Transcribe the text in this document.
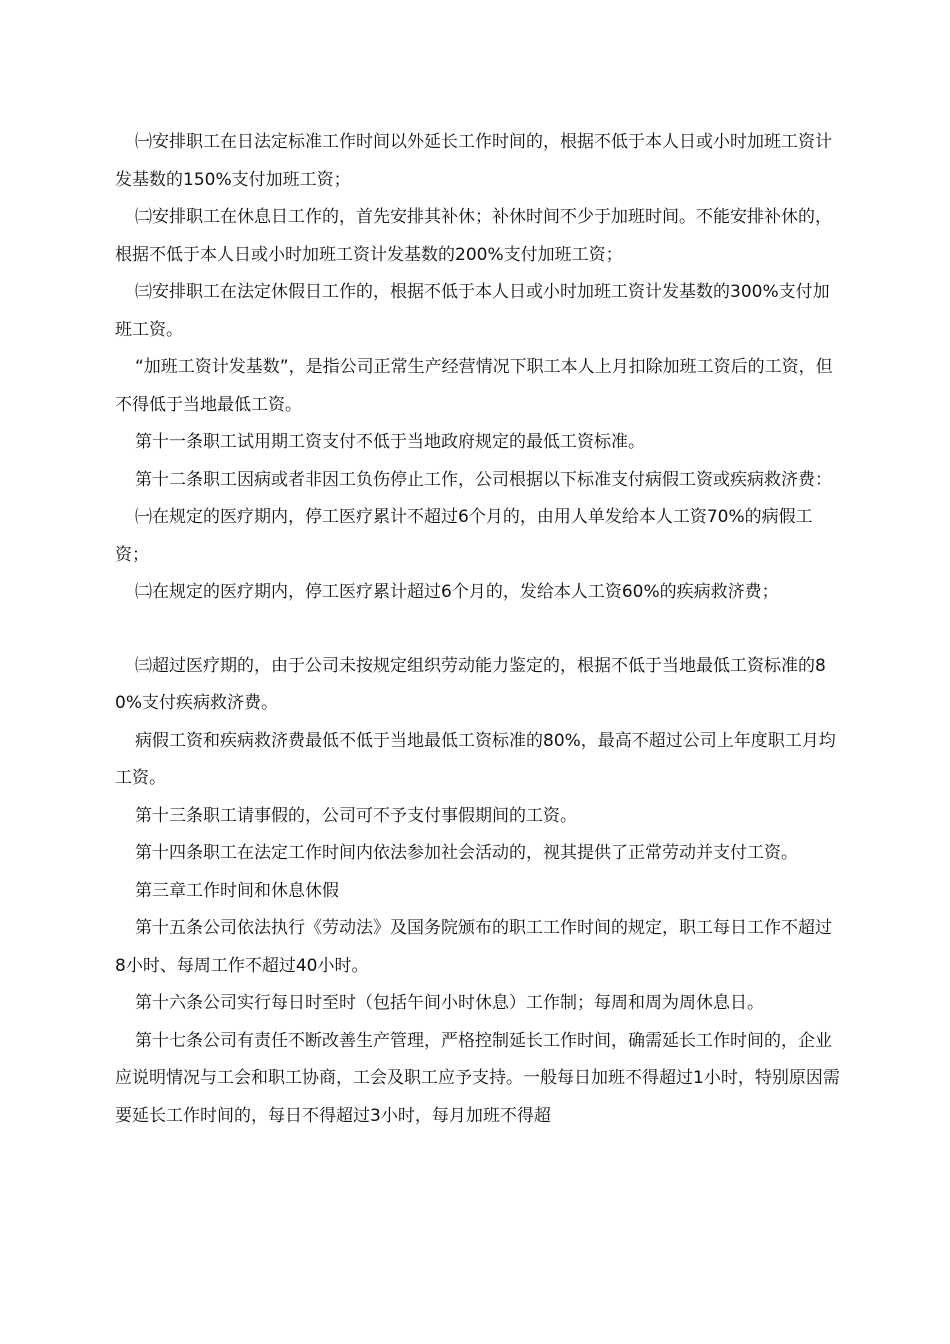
㈠安排职工在日法定标准工作时间以外延长工作时间的，根据不低于本人日或小时加班工资计发基数的150%支付加班工资；

㈡安排职工在休息日工作的，首先安排其补休；补休时间不少于加班时间。不能安排补休的，根据不低于本人日或小时加班工资计发基数的200%支付加班工资；

㈢安排职工在法定休假日工作的，根据不低于本人日或小时加班工资计发基数的300%支付加班工资。

“加班工资计发基数”，是指公司正常生产经营情况下职工本人上月扣除加班工资后的工资，但不得低于当地最低工资。

第十一条职工试用期工资支付不低于当地政府规定的最低工资标准。

第十二条职工因病或者非因工负伤停止工作，公司根据以下标准支付病假工资或疾病救济费：

㈠在规定的医疗期内，停工医疗累计不超过6个月的，由用人单发给本人工资70%的病假工资；

㈡在规定的医疗期内，停工医疗累计超过6个月的，发给本人工资60%的疾病救济费；

㈢超过医疗期的，由于公司未按规定组织劳动能力鉴定的，根据不低于当地最低工资标准的80%支付疾病救济费。

病假工资和疾病救济费最低不低于当地最低工资标准的80%，最高不超过公司上年度职工月均工资。

第十三条职工请事假的，公司可不予支付事假期间的工资。

第十四条职工在法定工作时间内依法参加社会活动的，视其提供了正常劳动并支付工资。

第三章工作时间和休息休假

第十五条公司依法执行《劳动法》及国务院颁布的职工工作时间的规定，职工每日工作不超过8小时、每周工作不超过40小时。

第十六条公司实行每日时至时（包括午间小时休息）工作制；每周和周为周休息日。

第十七条公司有责任不断改善生产管理，严格控制延长工作时间，确需延长工作时间的，企业应说明情况与工会和职工协商，工会及职工应予支持。一般每日加班不得超过1小时，特别原因需要延长工作时间的，每日不得超过3小时，每月加班不得超
